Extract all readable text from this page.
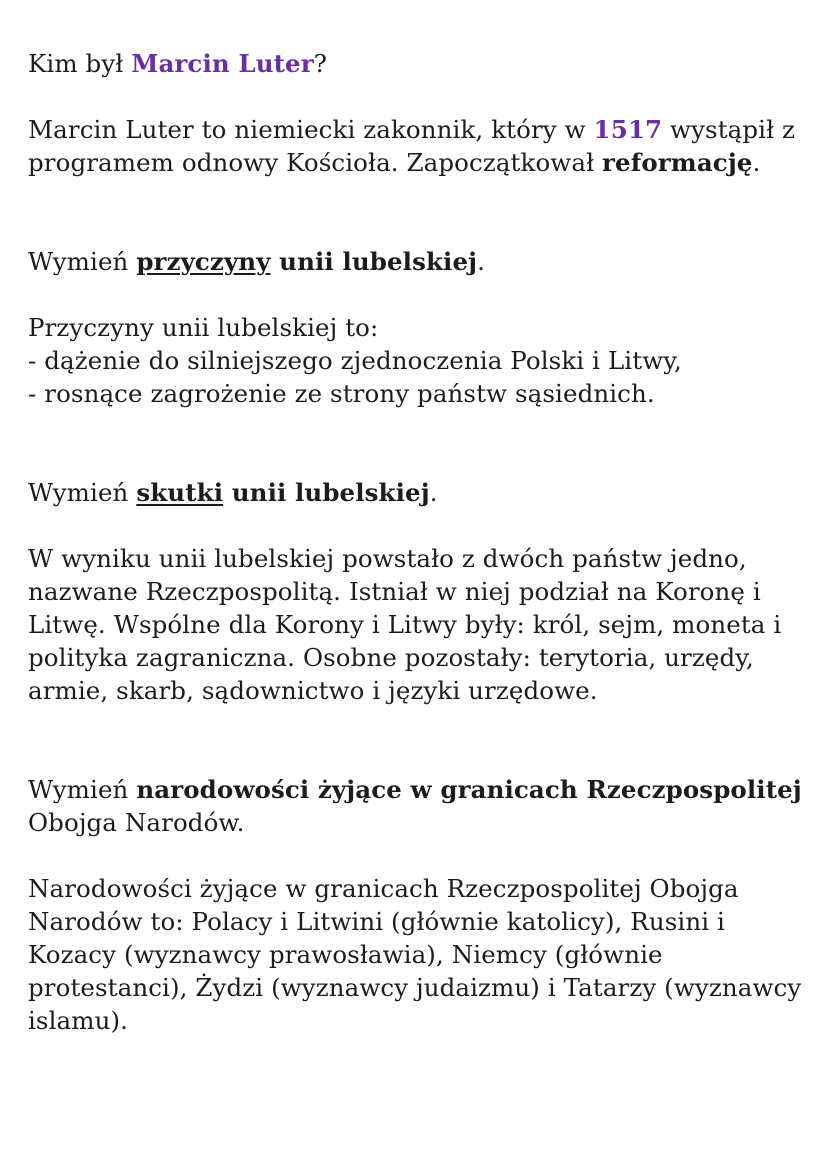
Kim był Marcin Luter?

Marcin Luter to niemiecki zakonnik, który w 1517 wystąpił z programem odnowy Kościoła. Zapoczątkował reformację.

Wymień przyczyny unii lubelskiej.

Przyczyny unii lubelskiej to:

- dążenie do silniejszego zjednoczenia Polski i Litwy,

- rosnące zagrożenie ze strony państw sąsiednich.

Wymień skutki unii lubelskiej.

W wyniku unii lubelskiej powstało z dwóch państw jedno, nazwane Rzeczpospolitą. Istniał w niej podział na Koronę i Litwę. Wspólne dla Korony i Litwy były: król, sejm, moneta i polityka zagraniczna. Osobne pozostały: terytoria, urzędy, armie, skarb, sądownictwo i języki urzędowe.

Wymień narodowości żyjące w granicach Rzeczpospolitej Obojga Narodów.

Narodowości żyjące w granicach Rzeczpospolitej Obojga Narodów to: Polacy i Litwini (głównie katolicy), Rusini i Kozacy (wyznawcy prawosławia), Niemcy (głównie protestanci), Żydzi (wyznawcy judaizmu) i Tatarzy (wyznawcy islamu).
